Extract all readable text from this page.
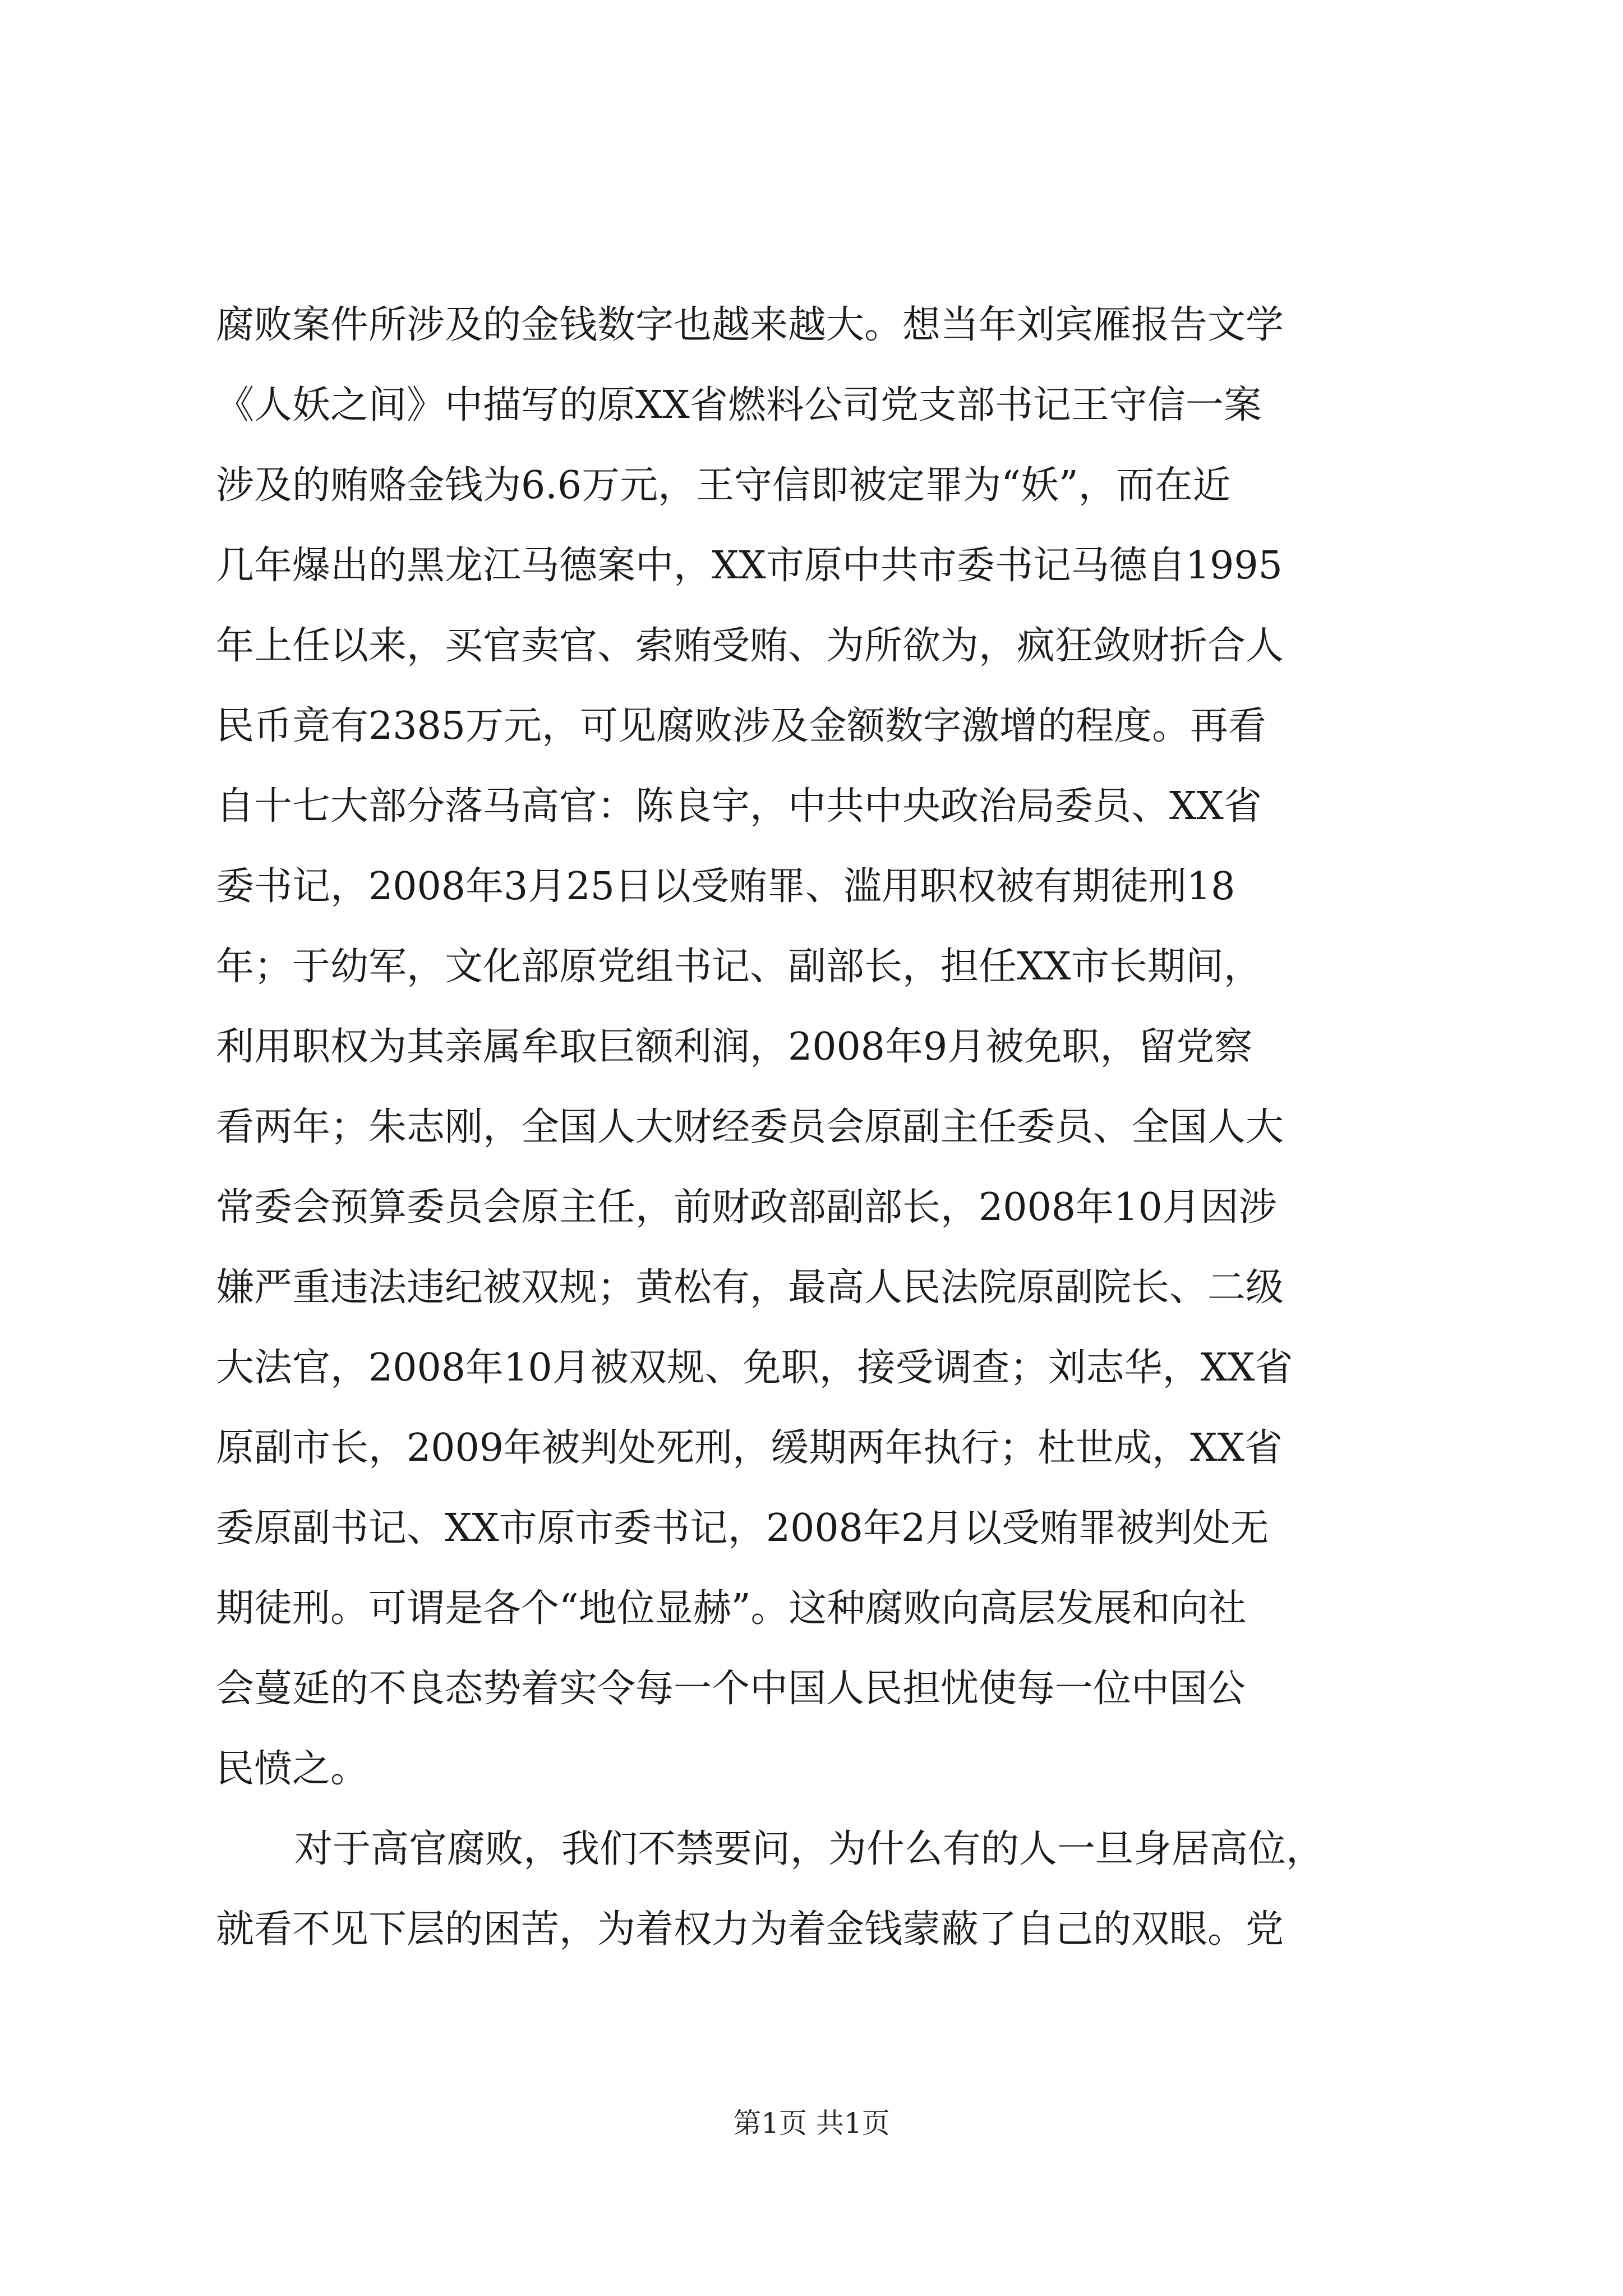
腐败案件所涉及的金钱数字也越来越大。想当年刘宾雁报告文学
《人妖之间》中描写的原XX省燃料公司党支部书记王守信一案
涉及的贿赂金钱为6.6万元，王守信即被定罪为“妖”，而在近
几年爆出的黑龙江马德案中，XX市原中共市委书记马德自1995
年上任以来，买官卖官、索贿受贿、为所欲为，疯狂敛财折合人
民币竟有2385万元，可见腐败涉及金额数字激增的程度。再看
自十七大部分落马高官：陈良宇，中共中央政治局委员、XX省
委书记，2008年3月25日以受贿罪、滥用职权被有期徒刑18
年；于幼军，文化部原党组书记、副部长，担任XX市长期间，
利用职权为其亲属牟取巨额利润，2008年9月被免职，留党察
看两年；朱志刚，全国人大财经委员会原副主任委员、全国人大
常委会预算委员会原主任，前财政部副部长，2008年10月因涉
嫌严重违法违纪被双规；黄松有，最高人民法院原副院长、二级
大法官，2008年10月被双规、免职，接受调查；刘志华，XX省
原副市长，2009年被判处死刑，缓期两年执行；杜世成，XX省
委原副书记、XX市原市委书记，2008年2月以受贿罪被判处无
期徒刑。可谓是各个“地位显赫”。这种腐败向高层发展和向社
会蔓延的不良态势着实令每一个中国人民担忧使每一位中国公
民愤之。
对于高官腐败，我们不禁要问，为什么有的人一旦身居高位，
就看不见下层的困苦，为着权力为着金钱蒙蔽了自己的双眼。党
第1页 共1页
